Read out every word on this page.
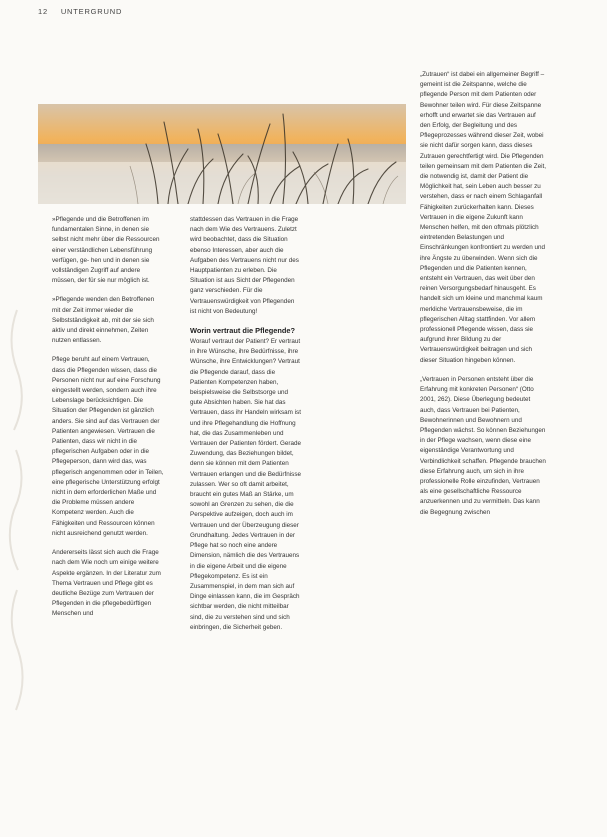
12 UNTERGRUND

»Pflegende und die Betroffenen im fundamentalen Sinne, in denen sie selbst nicht mehr über die Ressourcen einer verständlichen Lebensführung verfügen, ge- hen und in denen sie vollständigen Zugriff auf andere müssen, der für sie nur möglich ist.

»Pflegende wenden den Betroffenen mit der Zeit immer wieder die Selbstständigkeit ab, mit der sie sich aktiv und direkt einnehmen, Zeiten nutzen entlassen.

Pflege beruht auf einem Vertrauen, dass die Pflegenden wissen, dass die Personen nicht nur auf eine Forschung eingestellt werden, sondern auch ihre Lebenslage berücksichtigen. Die Situation der Pflegenden ist gänzlich anders. Sie sind auf das Vertrauen der Patienten angewiesen. Vertrauen die Patienten, dass wir nicht in die pflegerischen Aufgaben oder in die Pflegeperson, dann wird das, was pflegerisch angenommen oder in Teilen, eine pflegerische Unterstützung erfolgt nicht in dem erforderlichen Maße und die Probleme müssen andere Kompetenz werden. Auch die Fähigkeiten und Ressourcen können nicht ausreichend genutzt werden.

Andererseits lässt sich auch die Frage nach dem Wie noch um einige weitere Aspekte ergänzen. In der Literatur zum Thema Vertrauen und Pflege gibt es deutliche Bezüge zum Vertrauen der Pflegenden in die pflegebedürftigen Menschen und

stattdessen das Vertrauen in die Frage nach dem Wie des Vertrauens. Zuletzt wird beobachtet, dass die Situation ebenso Interessen, aber auch die Aufgaben des Vertrauens nicht nur des Hauptpatienten zu erleben. Die Situation ist aus Sicht der Pflegenden ganz verschieden. Für die Vertrauenswürdigkeit von Pflegenden ist nicht von Bedeutung!

Worin vertraut die Pflegende?

Worauf vertraut der Patient? Er vertraut in ihre Wünsche, ihre Bedürfnisse, ihre Wünsche, ihre Entwicklungen? Vertraut die Pflegende darauf, dass die Patienten Kompetenzen haben, beispielsweise die Selbstsorge und gute Absichten haben. Sie hat das Vertrauen, dass ihr Handeln wirksam ist und ihre Pflegehandlung die Hoffnung hat, die das Zusammenleben und Vertrauen der Patienten fördert. Gerade Zuwendung, das Beziehungen bildet, denn sie können mit dem Patienten Vertrauen erlangen und die Bedürfnisse zulassen. Wer so oft damit arbeitet, braucht ein gutes Maß an Stärke, um sowohl an Grenzen zu sehen, die die Perspektive aufzeigen, doch auch im Vertrauen und der Überzeugung dieser Grundhaltung. Jedes Vertrauen in der Pflege hat so noch eine andere Dimension, nämlich die des Vertrauens in die eigene Arbeit und die eigene Pflegekompetenz. Es ist ein Zusammenspiel, in dem man sich auf Dinge einlassen kann, die im Gespräch sichtbar werden, die nicht mitteilbar sind, die zu verstehen sind und sich einbringen, die Sicherheit geben.

„Zutrauen“ ist dabei ein allgemeiner Begriff – gemeint ist die Zeitspanne, welche die pflegende Person mit dem Patienten oder Bewohner teilen wird. Für diese Zeitspanne erhofft und erwartet sie das Vertrauen auf den Erfolg, der Begleitung und des Pflegeprozesses während dieser Zeit, wobei sie nicht dafür sorgen kann, dass dieses Zutrauen gerechtfertigt wird. Die Pflegenden teilen gemeinsam mit dem Patienten die Zeit, die notwendig ist, damit der Patient die Möglichkeit hat, sein Leben auch besser zu verstehen, dass er nach einem Schlaganfall Fähigkeiten zurückerhalten kann. Dieses Vertrauen in die eigene Zukunft kann Menschen helfen, mit den oftmals plötzlich eintretenden Belastungen und Einschränkungen konfrontiert zu werden und ihre Ängste zu überwinden. Wenn sich die Pflegenden und die Patienten kennen, entsteht ein Vertrauen, das weit über den reinen Versorgungsbedarf hinausgeht. Es handelt sich um kleine und manchmal kaum merkliche Vertrauensbeweise, die im pflegerischen Alltag stattfinden. Vor allem professionell Pflegende wissen, dass sie aufgrund ihrer Bildung zu der Vertrauenswürdigkeit beitragen und sich dieser Situation hingeben können.

„Vertrauen in Personen entsteht über die Erfahrung mit konkreten Personen“ (Otto 2001, 262). Diese Überlegung bedeutet auch, dass Vertrauen bei Patienten, Bewohnerinnen und Bewohnern und Pflegenden wächst. So können Beziehungen in der Pflege wachsen, wenn diese eine eigenständige Verantwortung und Verbindlichkeit schaffen. Pflegende brauchen diese Erfahrung auch, um sich in ihre professionelle Rolle einzufinden, Vertrauen als eine gesellschaftliche Ressource anzuerkennen und zu vermitteln. Das kann die Begegnung zwischen
